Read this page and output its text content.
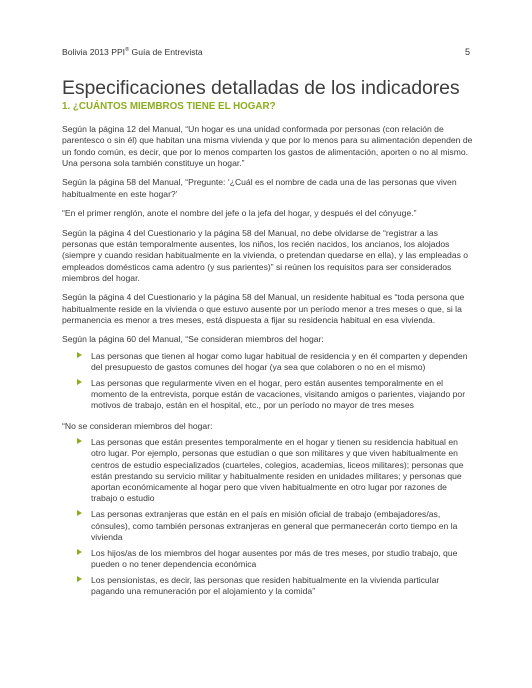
Bolivia 2013 PPI® Guía de Entrevista	5
Especificaciones detalladas de los indicadores
1. ¿CUÁNTOS MIEMBROS TIENE EL HOGAR?

Según la página 12 del Manual, “Un hogar es una unidad conformada por personas (con relación de parentesco o sin él) que habitan una misma vivienda y que por lo menos para su alimentación dependen de un fondo común, es decir, que por lo menos comparten los gastos de alimentación, aporten o no al mismo. Una persona sola también constituye un hogar.”

Según la página 58 del Manual, “Pregunte: ‘¿Cuál es el nombre de cada una de las personas que viven habitualmente en este hogar?’

“En el primer renglón, anote el nombre del jefe o la jefa del hogar, y después el del cónyuge.”

Según la página 4 del Cuestionario y la página 58 del Manual, no debe olvidarse de “registrar a las personas que están temporalmente ausentes, los niños, los recién nacidos, los ancianos, los alojados (siempre y cuando residan habitualmente en la vivienda, o pretendan quedarse en ella), y las empleadas o empleados domésticos cama adentro (y sus parientes)” si reúnen los requisitos para ser considerados miembros del hogar.

Según la página 4 del Cuestionario y la página 58 del Manual, un residente habitual es “toda persona que habitualmente reside en la vivienda o que estuvo ausente por un período menor a tres meses o que, si la permanencia es menor a tres meses, está dispuesta a fijar su residencia habitual en esa vivienda.

Según la página 60 del Manual, “Se consideran miembros del hogar:

Las personas que tienen al hogar como lugar habitual de residencia y en él comparten y dependen del presupuesto de gastos comunes del hogar (ya sea que colaboren o no en el mismo)
Las personas que regularmente viven en el hogar, pero están ausentes temporalmente en el momento de la entrevista, porque están de vacaciones, visitando amigos o parientes, viajando por motivos de trabajo, están en el hospital, etc., por un período no mayor de tres meses

“No se consideran miembros del hogar:

Las personas que están presentes temporalmente en el hogar y tienen su residencia habitual en otro lugar. Por ejemplo, personas que estudian o que son militares y que viven habitualmente en centros de estudio especializados (cuarteles, colegios, academias, liceos militares); personas que están prestando su servicio militar y habitualmente residen en unidades militares; y personas que aportan económicamente al hogar pero que viven habitualmente en otro lugar por razones de trabajo o estudio
Las personas extranjeras que están en el país en misión oficial de trabajo (embajadores/as, cónsules), como también personas extranjeras en general que permanecerán corto tiempo en la vivienda
Los hijos/as de los miembros del hogar ausentes por más de tres meses, por studio trabajo, que pueden o no tener dependencia económica
Los pensionistas, es decir, las personas que residen habitualmente en la vivienda particular pagando una remuneración por el alojamiento y la comida”
